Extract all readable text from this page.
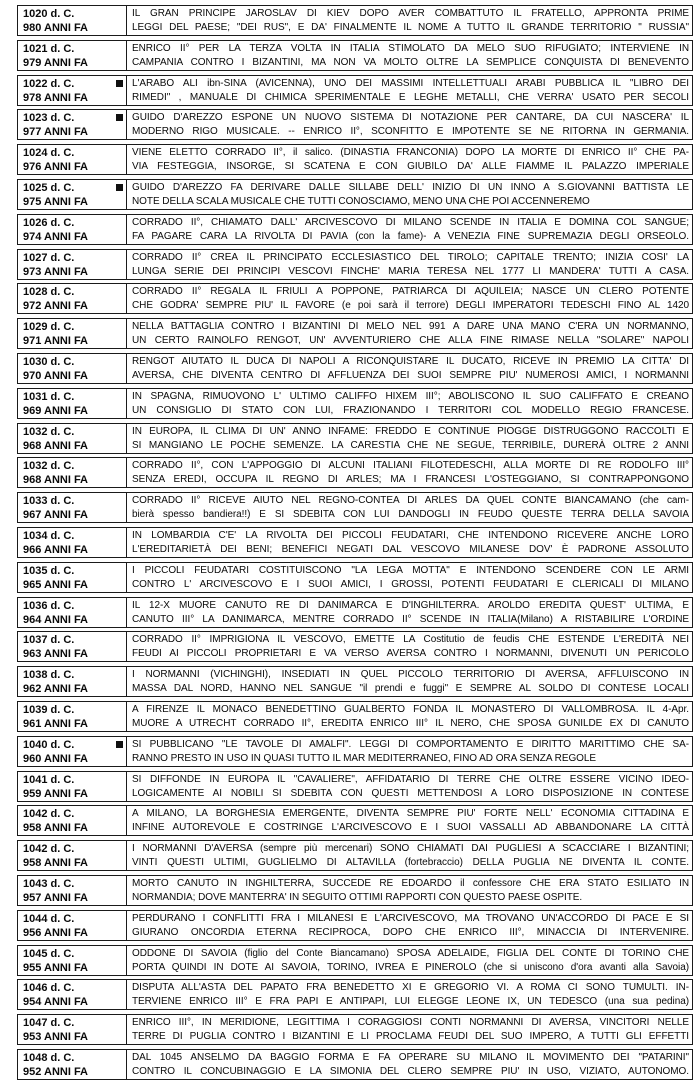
1020 d. C.
980 ANNI FA
IL GRAN PRINCIPE JAROSLAV DI KIEV DOPO AVER COMBATTUTO IL FRATELLO, APPRONTA PRIME
LEGGI DEL PAESE; "DEI RUS", E DA' FINALMENTE IL NOME A TUTTO IL GRANDE TERRITORIO " RUSSIA"
1021 d. C.
979 ANNI FA
ENRICO II° PER LA TERZA VOLTA IN ITALIA STIMOLATO DA MELO SUO RIFUGIATO; INTERVIENE IN
CAMPANIA CONTRO I BIZANTINI, MA NON VA MOLTO OLTRE LA SEMPLICE CONQUISTA DI BENEVENTO
1022 d. C.
978 ANNI FA
L'ARABO ALI ibn-SINA (AVICENNA), UNO DEI MASSIMI INTELLETTUALI ARABI PUBBLICA IL "LIBRO DEI
RIMEDI" , MANUALE DI CHIMICA SPERIMENTALE E LEGHE METALLI, CHE VERRA' USATO PER SECOLI
1023 d. C.
977 ANNI FA
GUIDO D'AREZZO ESPONE UN NUOVO SISTEMA DI NOTAZIONE PER CANTARE, DA CUI NASCERA' IL
MODERNO RIGO MUSICALE. -- ENRICO II°, SCONFITTO E IMPOTENTE SE NE RITORNA IN GERMANIA.
1024 d. C.
976 ANNI FA
VIENE ELETTO CORRADO II°, il salico. (DINASTIA FRANCONIA) DOPO LA MORTE DI ENRICO II° CHE PA-
VIA FESTEGGIA, INSORGE, SI SCATENA E CON GIUBILO DA' ALLE FIAMME IL PALAZZO IMPERIALE
1025 d. C.
975 ANNI FA
GUIDO D'AREZZO FA DERIVARE DALLE SILLABE DELL' INIZIO DI UN INNO A S.GIOVANNI BATTISTA LE
NOTE DELLA SCALA MUSICALE CHE TUTTI CONOSCIAMO, MENO UNA CHE POI ACCENNEREMO
1026 d. C.
974 ANNI FA
CORRADO II°, CHIAMATO DALL' ARCIVESCOVO DI MILANO SCENDE IN ITALIA E DOMINA COL SANGUE;
FA PAGARE CARA LA RIVOLTA DI PAVIA (con la fame)- A VENEZIA FINE SUPREMAZIA DEGLI ORSEOLO.
1027 d. C.
973 ANNI FA
CORRADO II° CREA IL PRINCIPATO ECCLESIASTICO DEL TIROLO; CAPITALE TRENTO; INIZIA COSI' LA
LUNGA SERIE DEI PRINCIPI VESCOVI FINCHE' MARIA TERESA NEL 1777 LI MANDERA' TUTTI A CASA.
1028 d. C.
972 ANNI FA
CORRADO II° REGALA IL FRIULI A POPPONE, PATRIARCA DI AQUILEIA; NASCE UN CLERO POTENTE
CHE GODRA' SEMPRE PIU' IL FAVORE (e poi sarà il terrore) DEGLI IMPERATORI TEDESCHI FINO AL 1420
1029 d. C.
971 ANNI FA
NELLA BATTAGLIA CONTRO I BIZANTINI DI MELO NEL 991 A DARE UNA MANO C'ERA UN NORMANNO,
UN CERTO RAINOLFO RENGOT, UN' AVVENTURIERO CHE ALLA FINE RIMASE NELLA "SOLARE" NAPOLI
1030 d. C.
970 ANNI FA
RENGOT AIUTATO IL DUCA DI NAPOLI A RICONQUISTARE IL DUCATO, RICEVE IN PREMIO LA CITTA' DI
AVERSA, CHE DIVENTA CENTRO DI AFFLUENZA DEI SUOI SEMPRE PIU' NUMEROSI AMICI, I NORMANNI
1031 d. C.
969 ANNI FA
IN SPAGNA, RIMUOVONO L' ULTIMO CALIFFO HIXEM III°; ABOLISCONO IL SUO CALIFFATO E CREANO
UN CONSIGLIO DI STATO CON LUI, FRAZIONANDO I TERRITORI COL MODELLO REGIO FRANCESE.
1032 d. C.
968 ANNI FA
IN EUROPA, IL CLIMA DI UN' ANNO INFAME: FREDDO E CONTINUE PIOGGE DISTRUGGONO RACCOLTI E
SI MANGIANO LE POCHE SEMENZE. LA CARESTIA CHE NE SEGUE, TERRIBILE, DURERÀ OLTRE 2 ANNI
1032 d. C.
968 ANNI FA
CORRADO II°, CON L'APPOGGIO DI ALCUNI ITALIANI FILOTEDESCHI, ALLA MORTE DI RE RODOLFO III°
SENZA EREDI, OCCUPA IL REGNO DI ARLES; MA I FRANCESI L'OSTEGGIANO, SI CONTRAPPONGONO
1033 d. C.
967 ANNI FA
CORRADO II° RICEVE AIUTO NEL REGNO-CONTEA DI ARLES DA QUEL CONTE BIANCAMANO (che cam-
bierà spesso bandiera!!) E SI SDEBITA CON LUI DANDOGLI IN FEUDO QUESTE TERRA DELLA SAVOIA
1034 d. C.
966 ANNI FA
IN LOMBARDIA C'E' LA RIVOLTA DEI PICCOLI FEUDATARI, CHE INTENDONO RICEVERE ANCHE LORO
L'EREDITARIETÀ DEI BENI; BENEFICI NEGATI DAL VESCOVO MILANESE DOV' È PADRONE ASSOLUTO
1035 d. C.
965 ANNI FA
I PICCOLI FEUDATARI COSTITUISCONO "LA LEGA MOTTA" E INTENDONO SCENDERE CON LE ARMI
CONTRO L' ARCIVESCOVO E I SUOI AMICI, I GROSSI, POTENTI FEUDATARI E CLERICALI DI MILANO
1036 d. C.
964 ANNI FA
IL 12-X MUORE CANUTO RE DI DANIMARCA E D'INGHILTERRA. AROLDO EREDITA QUEST' ULTIMA, E
CANUTO III° LA DANIMARCA, MENTRE CORRADO II° SCENDE IN ITALIA(Milano) A RISTABILIRE L'ORDINE
1037 d. C.
963 ANNI FA
CORRADO II° IMPRIGIONA IL VESCOVO, EMETTE LA Costitutio de feudis CHE ESTENDE L'EREDITÀ NEI
FEUDI AI PICCOLI PROPRIETARI E VA VERSO AVERSA CONTRO I NORMANNI, DIVENUTI UN PERICOLO
1038 d. C.
962 ANNI FA
I NORMANNI (VICHINGHI), INSEDIATI IN QUEL PICCOLO TERRITORIO DI AVERSA, AFFLUISCONO IN
MASSA DAL NORD, HANNO NEL SANGUE "il prendi e fuggi" E SEMPRE AL SOLDO DI CONTESE LOCALI
1039 d. C.
961 ANNI FA
A FIRENZE IL MONACO BENEDETTINO GUALBERTO FONDA IL MONASTERO DI VALLOMBROSA. IL 4-Apr.
MUORE A UTRECHT CORRADO II°, EREDITA ENRICO III° IL NERO, CHE SPOSA GUNILDE EX DI CANUTO
1040 d. C.
960 ANNI FA
SI PUBBLICANO "LE TAVOLE DI AMALFI". LEGGI DI COMPORTAMENTO E DIRITTO MARITTIMO CHE SA-
RANNO PRESTO IN USO IN QUASI TUTTO IL MAR MEDITERRANEO, FINO AD ORA SENZA REGOLE
1041 d. C.
959 ANNI FA
SI DIFFONDE IN EUROPA IL "CAVALIERE", AFFIDATARIO DI TERRE CHE OLTRE ESSERE VICINO IDEO-
LOGICAMENTE AI NOBILI SI SDEBITA CON QUESTI METTENDOSI A LORO DISPOSIZIONE IN CONTESE
1042 d. C.
958 ANNI FA
A MILANO, LA BORGHESIA EMERGENTE, DIVENTA SEMPRE PIU' FORTE NELL' ECONOMIA CITTADINA E
INFINE AUTOREVOLE E COSTRINGE L'ARCIVESCOVO E I SUOI VASSALLI AD ABBANDONARE LA CITTÀ
1042 d. C.
958 ANNI FA
I NORMANNI D'AVERSA (sempre più mercenari) SONO CHIAMATI DAI PUGLIESI A SCACCIARE I BIZANTINI;
VINTI QUESTI ULTIMI, GUGLIELMO DI ALTAVILLA (fortebraccio) DELLA PUGLIA NE DIVENTA IL CONTE.
1043 d. C.
957 ANNI FA
MORTO CANUTO IN INGHILTERRA, SUCCEDE RE EDOARDO il confessore CHE ERA STATO ESILIATO IN
NORMANDIA; DOVE MANTERRA' IN SEGUITO OTTIMI RAPPORTI CON QUESTO PAESE OSPITE.
1044 d. C.
956 ANNI FA
PERDURANO I CONFLITTI FRA I MILANESI E L'ARCIVESCOVO, MA TROVANO UN'ACCORDO DI PACE E SI
GIURANO ONCORDIA ETERNA RECIPROCA, DOPO CHE ENRICO III°, MINACCIA DI INTERVENIRE.
1045 d. C.
955 ANNI FA
ODDONE DI SAVOIA (figlio del Conte Biancamano) SPOSA ADELAIDE, FIGLIA DEL CONTE DI TORINO CHE
PORTA QUINDI IN DOTE AI SAVOIA, TORINO, IVREA E PINEROLO (che si uniscono d'ora avanti alla Savoia)
1046 d. C.
954 ANNI FA
DISPUTA ALL'ASTA DEL PAPATO FRA BENEDETTO XI E GREGORIO VI. A ROMA CI SONO TUMULTI. IN-
TERVIENE ENRICO III° E FRA PAPI E ANTIPAPI, LUI ELEGGE LEONE IX, UN TEDESCO (una sua pedina)
1047 d. C.
953 ANNI FA
ENRICO III°, IN MERIDIONE, LEGITTIMA I CORAGGIOSI CONTI NORMANNI DI AVERSA, VINCITORI NELLE
TERRE DI PUGLIA CONTRO I BIZANTINI E LI PROCLAMA FEUDI DEL SUO IMPERO, A TUTTI GLI EFFETTI
1048 d. C.
952 ANNI FA
DAL 1045 ANSELMO DA BAGGIO FORMA E FA OPERARE SU MILANO IL MOVIMENTO DEI "PATARINI"
CONTRO IL CONCUBINAGGIO E LA SIMONIA DEL CLERO SEMPRE PIU' IN USO, VIZIATO, AUTONOMO.
